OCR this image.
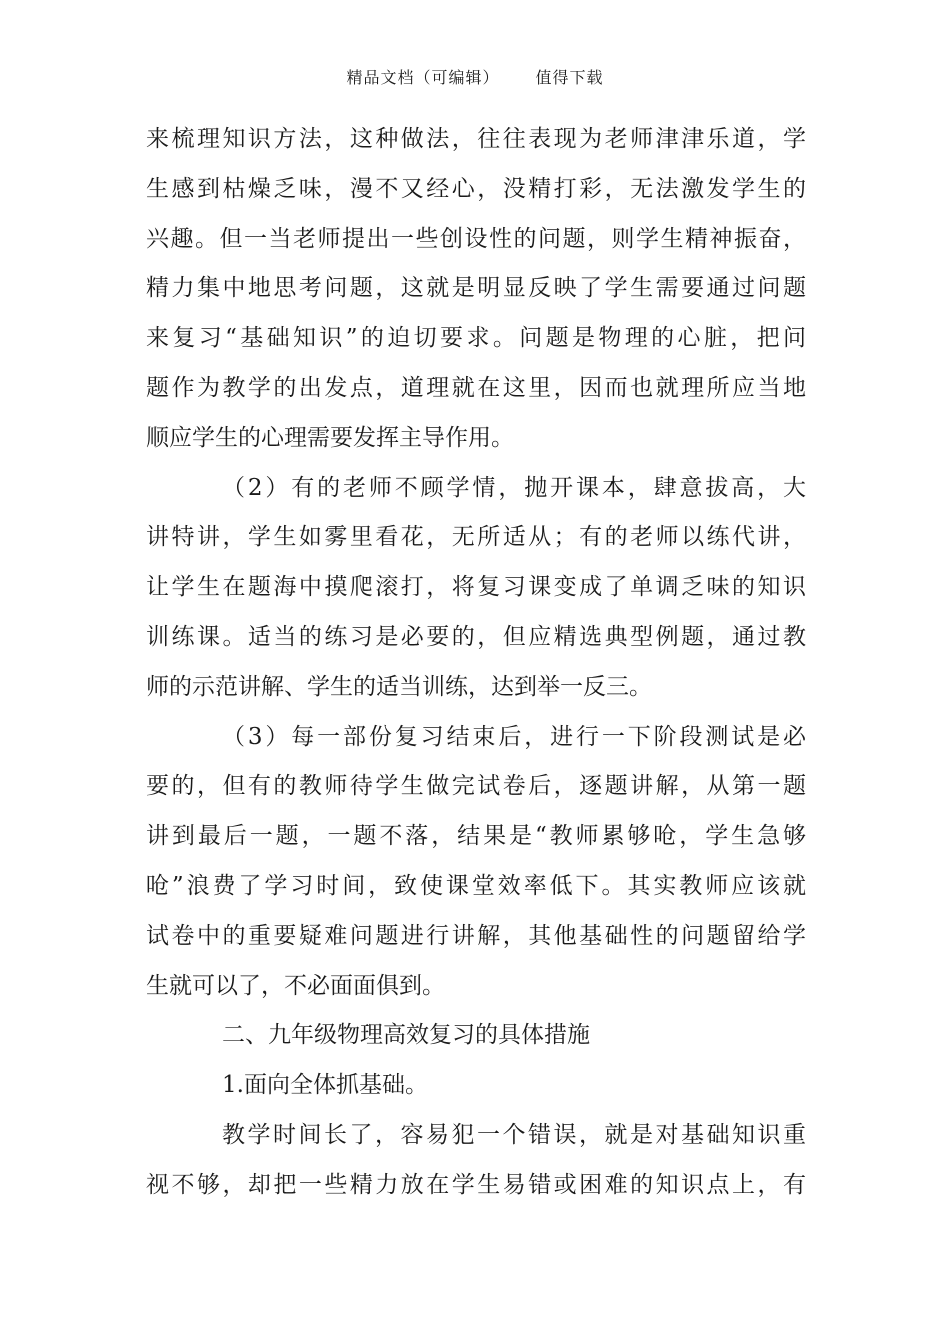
精品文档（可编辑） 值得下载
来梳理知识方法，这种做法，往往表现为老师津津乐道，学
生感到枯燥乏味，漫不又经心，没精打彩，无法激发学生的
兴趣。但一当老师提出一些创设性的问题，则学生精神振奋，
精力集中地思考问题，这就是明显反映了学生需要通过问题
来复习“基础知识”的迫切要求。问题是物理的心脏，把问
题作为教学的出发点，道理就在这里，因而也就理所应当地
顺应学生的心理需要发挥主导作用。
（2）有的老师不顾学情，抛开课本，肆意拔高，大
讲特讲，学生如雾里看花，无所适从；有的老师以练代讲，
让学生在题海中摸爬滚打，将复习课变成了单调乏味的知识
训练课。适当的练习是必要的，但应精选典型例题，通过教
师的示范讲解、学生的适当训练，达到举一反三。
（3）每一部份复习结束后，进行一下阶段测试是必
要的，但有的教师待学生做完试卷后，逐题讲解，从第一题
讲到最后一题，一题不落，结果是“教师累够呛，学生急够
呛”浪费了学习时间，致使课堂效率低下。其实教师应该就
试卷中的重要疑难问题进行讲解，其他基础性的问题留给学
生就可以了，不必面面俱到。
二、九年级物理高效复习的具体措施
1.面向全体抓基础。
教学时间长了，容易犯一个错误，就是对基础知识重
视不够，却把一些精力放在学生易错或困难的知识点上，有
